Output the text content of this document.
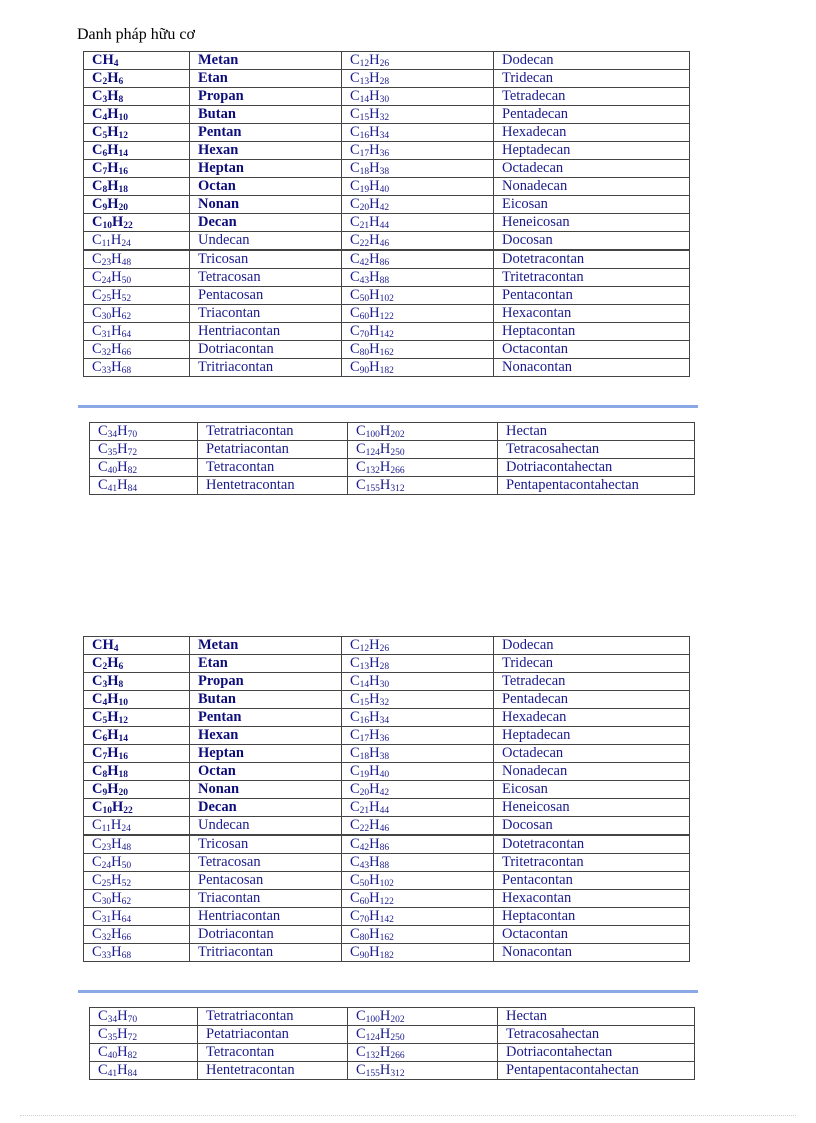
Danh pháp hữu cơ
$CH_4$	Metan	$C_{12}H_{26}$	Dodecan
$C_2H_6$	Etan	$C_{13}H_{28}$	Tridecan
$C_3H_8$	Propan	$C_{14}H_{30}$	Tetradecan
$C_4H_{10}$	Butan	$C_{15}H_{32}$	Pentadecan
$C_5H_{12}$	Pentan	$C_{16}H_{34}$	Hexadecan
$C_6H_{14}$	Hexan	$C_{17}H_{36}$	Heptadecan
$C_7H_{16}$	Heptan	$C_{18}H_{38}$	Octadecan
$C_8H_{18}$	Octan	$C_{19}H_{40}$	Nonadecan
$C_9H_{20}$	Nonan	$C_{20}H_{42}$	Eicosan
$C_{10}H_{22}$	Decan	$C_{21}H_{44}$	Heneicosan
$C_{11}H_{24}$	Undecan	$C_{22}H_{46}$	Docosan
$C_{23}H_{48}$	Tricosan	$C_{42}H_{86}$	Dotetracontan
$C_{24}H_{50}$	Tetracosan	$C_{43}H_{88}$	Tritetracontan
$C_{25}H_{52}$	Pentacosan	$C_{50}H_{102}$	Pentacontan
$C_{30}H_{62}$	Triacontan	$C_{60}H_{122}$	Hexacontan
$C_{31}H_{64}$	Hentriacontan	$C_{70}H_{142}$	Heptacontan
$C_{32}H_{66}$	Dotriacontan	$C_{80}H_{162}$	Octacontan
$C_{33}H_{68}$	Tritriacontan	$C_{90}H_{182}$	Nonacontan
$C_{34}H_{70}$	Tetratriacontan	$C_{100}H_{202}$	Hectan
$C_{35}H_{72}$	Petatriacontan	$C_{124}H_{250}$	Tetracosahectan
$C_{40}H_{82}$	Tetracontan	$C_{132}H_{266}$	Dotriacontahectan
$C_{41}H_{84}$	Hentetracontan	$C_{155}H_{312}$	Pentapentacontahectan
$CH_4$	Metan	$C_{12}H_{26}$	Dodecan
$C_2H_6$	Etan	$C_{13}H_{28}$	Tridecan
$C_3H_8$	Propan	$C_{14}H_{30}$	Tetradecan
$C_4H_{10}$	Butan	$C_{15}H_{32}$	Pentadecan
$C_5H_{12}$	Pentan	$C_{16}H_{34}$	Hexadecan
$C_6H_{14}$	Hexan	$C_{17}H_{36}$	Heptadecan
$C_7H_{16}$	Heptan	$C_{18}H_{38}$	Octadecan
$C_8H_{18}$	Octan	$C_{19}H_{40}$	Nonadecan
$C_9H_{20}$	Nonan	$C_{20}H_{42}$	Eicosan
$C_{10}H_{22}$	Decan	$C_{21}H_{44}$	Heneicosan
$C_{11}H_{24}$	Undecan	$C_{22}H_{46}$	Docosan
$C_{23}H_{48}$	Tricosan	$C_{42}H_{86}$	Dotetracontan
$C_{24}H_{50}$	Tetracosan	$C_{43}H_{88}$	Tritetracontan
$C_{25}H_{52}$	Pentacosan	$C_{50}H_{102}$	Pentacontan
$C_{30}H_{62}$	Triacontan	$C_{60}H_{122}$	Hexacontan
$C_{31}H_{64}$	Hentriacontan	$C_{70}H_{142}$	Heptacontan
$C_{32}H_{66}$	Dotriacontan	$C_{80}H_{162}$	Octacontan
$C_{33}H_{68}$	Tritriacontan	$C_{90}H_{182}$	Nonacontan
$C_{34}H_{70}$	Tetratriacontan	$C_{100}H_{202}$	Hectan
$C_{35}H_{72}$	Petatriacontan	$C_{124}H_{250}$	Tetracosahectan
$C_{40}H_{82}$	Tetracontan	$C_{132}H_{266}$	Dotriacontahectan
$C_{41}H_{84}$	Hentetracontan	$C_{155}H_{312}$	Pentapentacontahectan
